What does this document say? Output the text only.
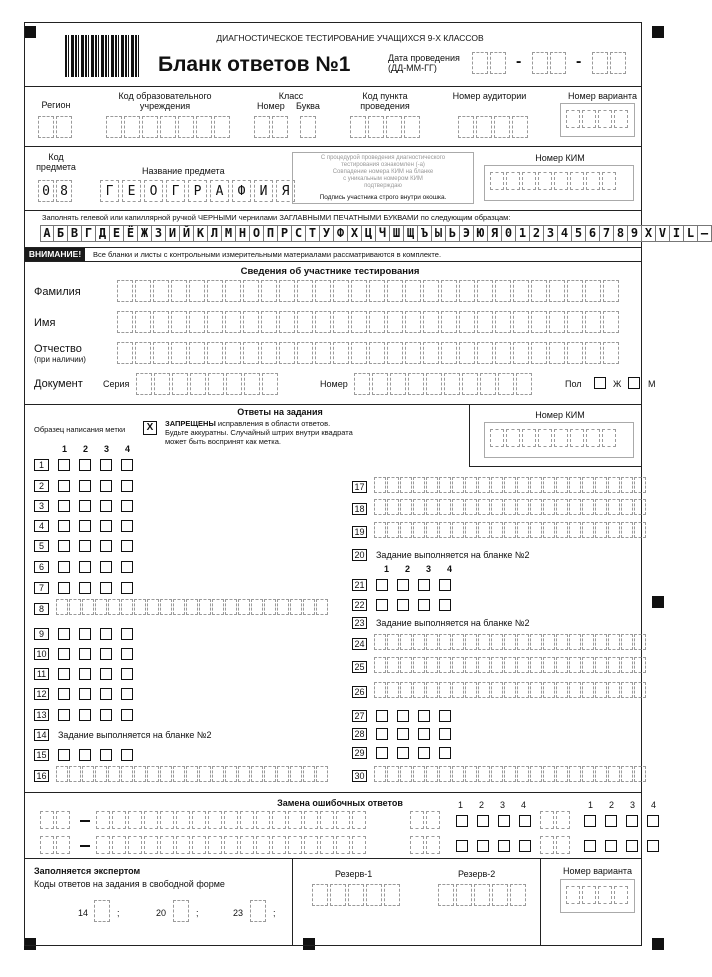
ДИАГНОСТИЧЕСКОЕ ТЕСТИРОВАНИЕ УЧАЩИХСЯ 9-Х КЛАССОВ
Бланк ответов №1	Дата проведения
(ДД-ММ-ГГ)	-	-
Регион
Код образовательного учреждения
Класс
Номер Буква
Код пункта проведения
Номер аудитории	Номер варианта
Код предмета
0 8
Название предмета
Г	Е	О	Г	Р	А	Ф	И	Я
С процедурой проведения диагностического
тестирования ознакомлен (-а)
Совпадение номера КИМ на бланке
с уникальным номером КИМ
подтверждаю
Подпись участника строго внутри окошка.
Номер КИМ
Заполнять гелевой или капиллярной ручкой ЧЕРНЫМИ чернилами ЗАГЛАВНЫМИ ПЕЧАТНЫМИ БУКВАМИ по следующим образцам:
А Б В Г Д Е Ё Ж З И Й К Л М Н О П Р С Т У Ф Х Ц Ч Ш Щ Ъ Ы Ь Э Ю Я 0 1 2 3 4 5 6 7 8 9 X V I L –
ВНИМАНИЕ!	Все бланки и листы с контрольными измерительными материалами рассматриваются в комплекте.
Сведения об участнике тестирования
Фамилия
Имя
Отчество
(при наличии)
Документ Серия	Номер	Пол	Ж	М
Ответы на задания
Образец написания метки	X	ЗАПРЕЩЕНЫ исправления в области ответов.
Будьте аккуратны. Случайный штрих внутри квадрата
может быть воспринят как метка.
Номер КИМ
1	2	3	4
1
2
3
4
5
6
7
8
9
10
11
12
13
14 Задание выполняется на бланке №2
15
16
17
18
19
20 Задание выполняется на бланке №2
21
22
23 Задание выполняется на бланке №2
24
25
26
27
28
29
30
1	2	3	4
Замена ошибочных ответов	1	2	3	4	1	2	3	4
Заполняется экспертом
Коды ответов на задания в свободной форме
14	;	20	;	23	;
Резерв-1	Резерв-2	Номер варианта
